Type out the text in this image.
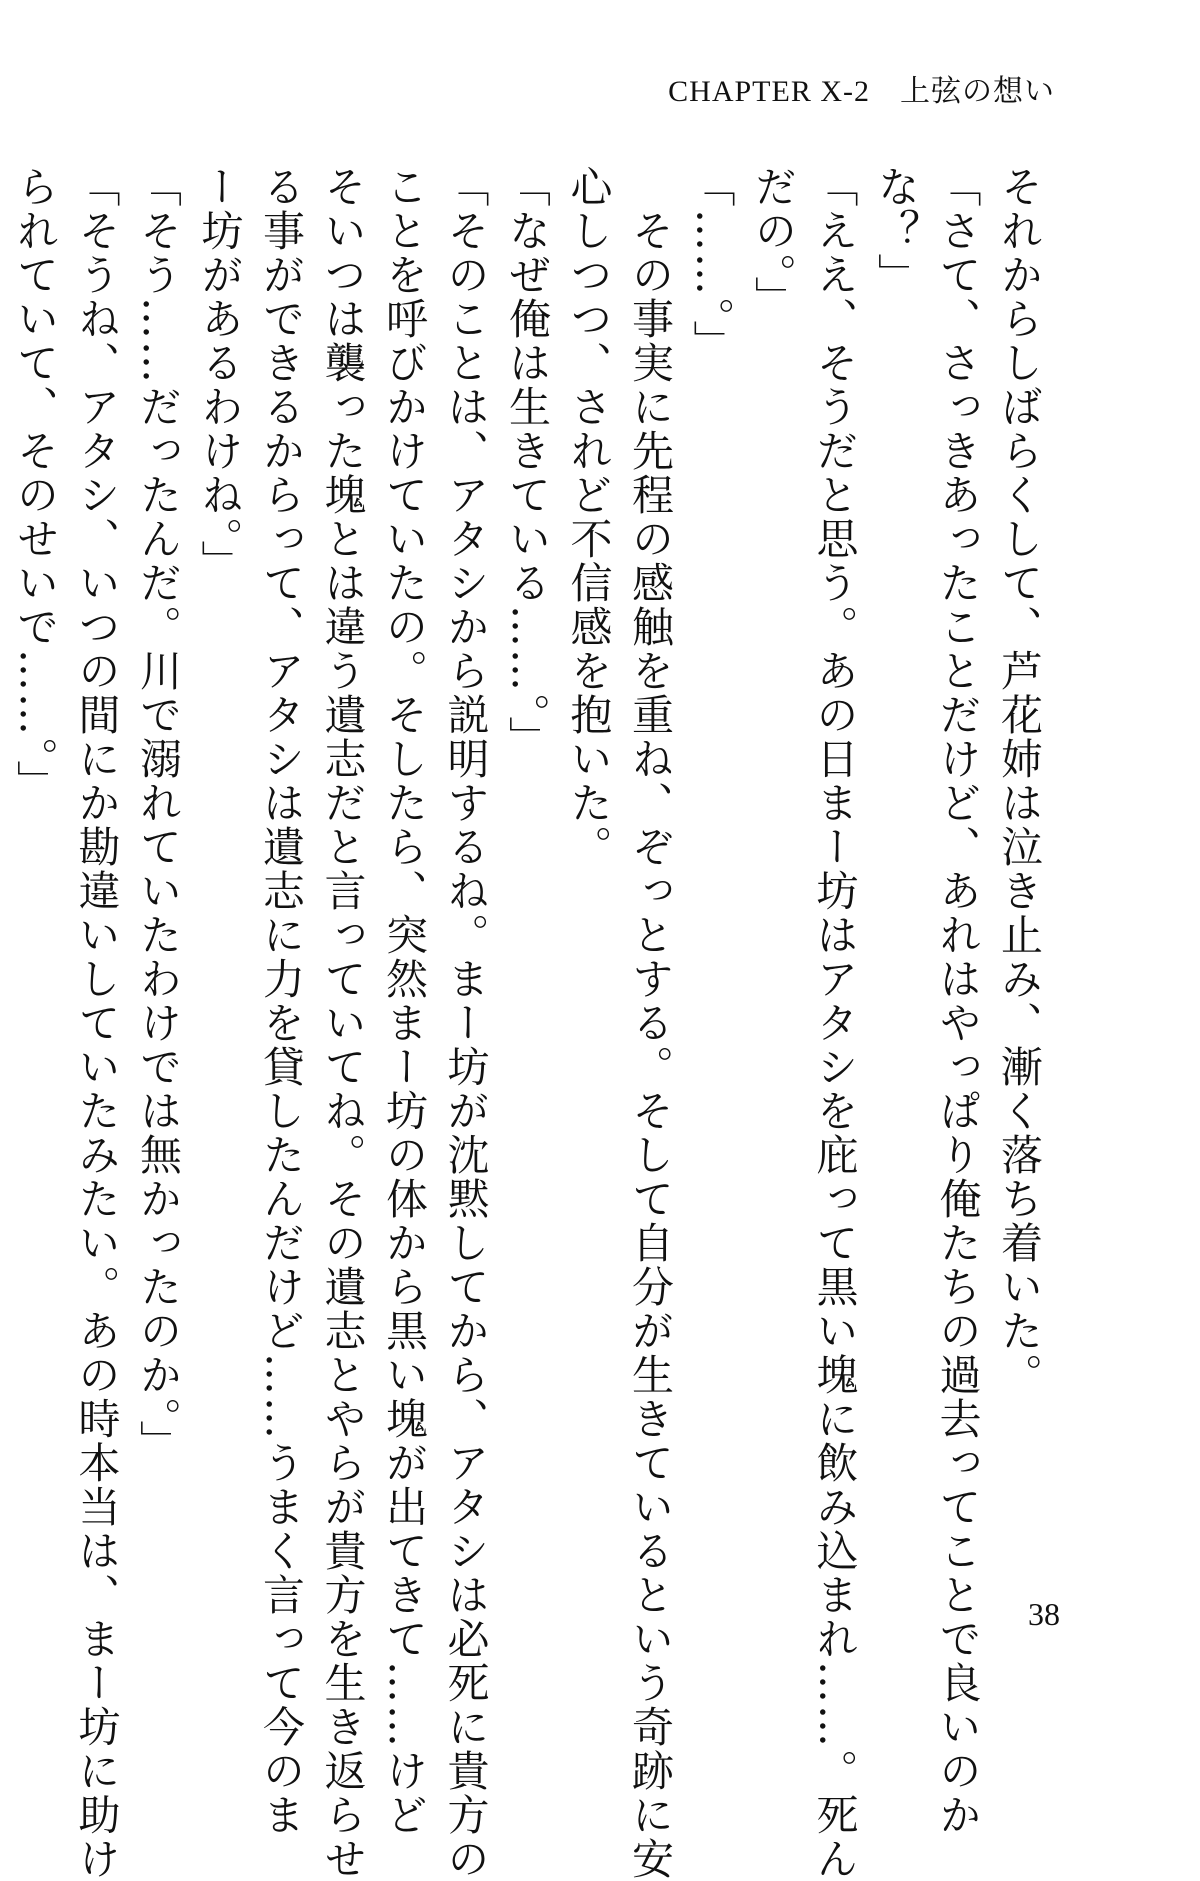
CHAPTER X-2 上弦の想い
それからしばらくして、芦花姉は泣き止み、漸く落ち着いた。
「さて、さっきあったことだけど、あれはやっぱり俺たちの過去ってことで良いのか
な？」
「ええ、そうだと思う。あの日まー坊はアタシを庇って黒い塊に飲み込まれ……。死ん
だの。」
「……。」
　その事実に先程の感触を重ね、ぞっとする。そして自分が生きているという奇跡に安
心しつつ、されど不信感を抱いた。
「なぜ俺は生きている……。」
「そのことは、アタシから説明するね。まー坊が沈黙してから、アタシは必死に貴方の
ことを呼びかけていたの。そしたら、突然まー坊の体から黒い塊が出てきて……けど
そいつは襲った塊とは違う遺志だと言っていてね。その遺志とやらが貴方を生き返らせ
る事ができるからって、アタシは遺志に力を貸したんだけど……うまく言って今のま
ー坊があるわけね。」
「そう……だったんだ。川で溺れていたわけでは無かったのか。」
「そうね、アタシ、いつの間にか勘違いしていたみたい。あの時本当は、まー坊に助け
られていて、そのせいで……。」
38
